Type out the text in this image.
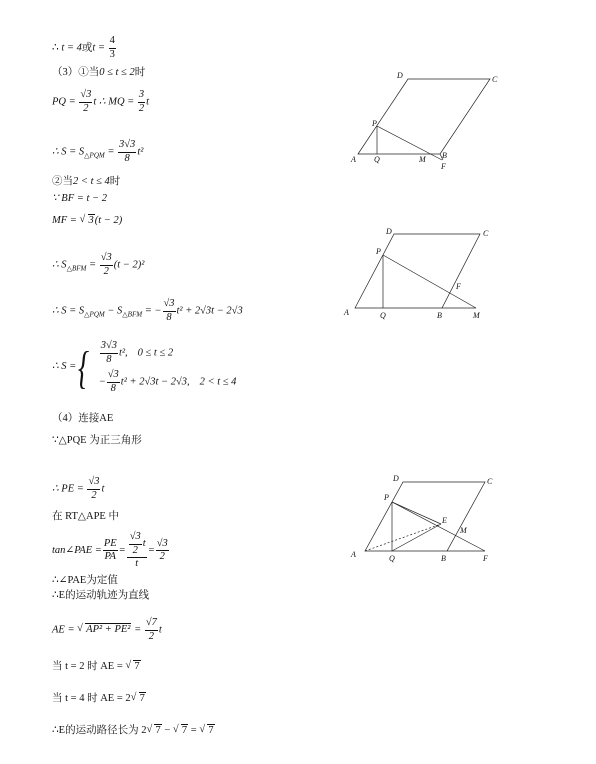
∴ t = 4或$t = \frac{4}{3}$
（3）①当0 ≤ t ≤ 2时
PQ = $\frac{√3}{2}$ t ∴ MQ = $\frac{3}{2}$ t
∴ $S = S_{\triangle PQM} = \frac{3√3}{8} t^2$
②当2 < t ≤ 4时
∵ BF = t − 2
MF = √ 3(t − 2)
∴ $S_{\triangle BFM} = \frac{√3}{2} (t - 2)^2$
∴ $S = S_{\triangle PQM} - S_{\triangle BFM}$ = − $\frac{√3}{8} t^2 + 2√3t - 2√3$
∴ S = { $\frac{3√3}{8} t^2$, 0 ≤ t ≤ 2
− $\frac{√3}{8} t^2 + 2√3t - 2√3$, 2 < t ≤ 4
（4）连接AE
∵△PQE 为正三角形
∴ PE = $\frac{√3}{2}$ t
在 RT△APE 中
tan∠PAE = $\frac{PE}{PA} = \frac{\frac{√3}{2} t}{t} = \frac{√3}{2}$
∴∠PAE为定值
∴E的运动轨迹为直线
AE = √ $AP^2 + PE^2 = \frac{√7}{2}$ t
当 t = 2 时 AE = √ 7
当 t = 4 时 AE = 2 √ 7
∴E的运动路径长为 2 √ 7 − √ 7 = √ 7
A Q	M B
F
P
D	C
A	Q	B	M
F
P
D	C
A	Q	B	F
E
M
P
D	C
